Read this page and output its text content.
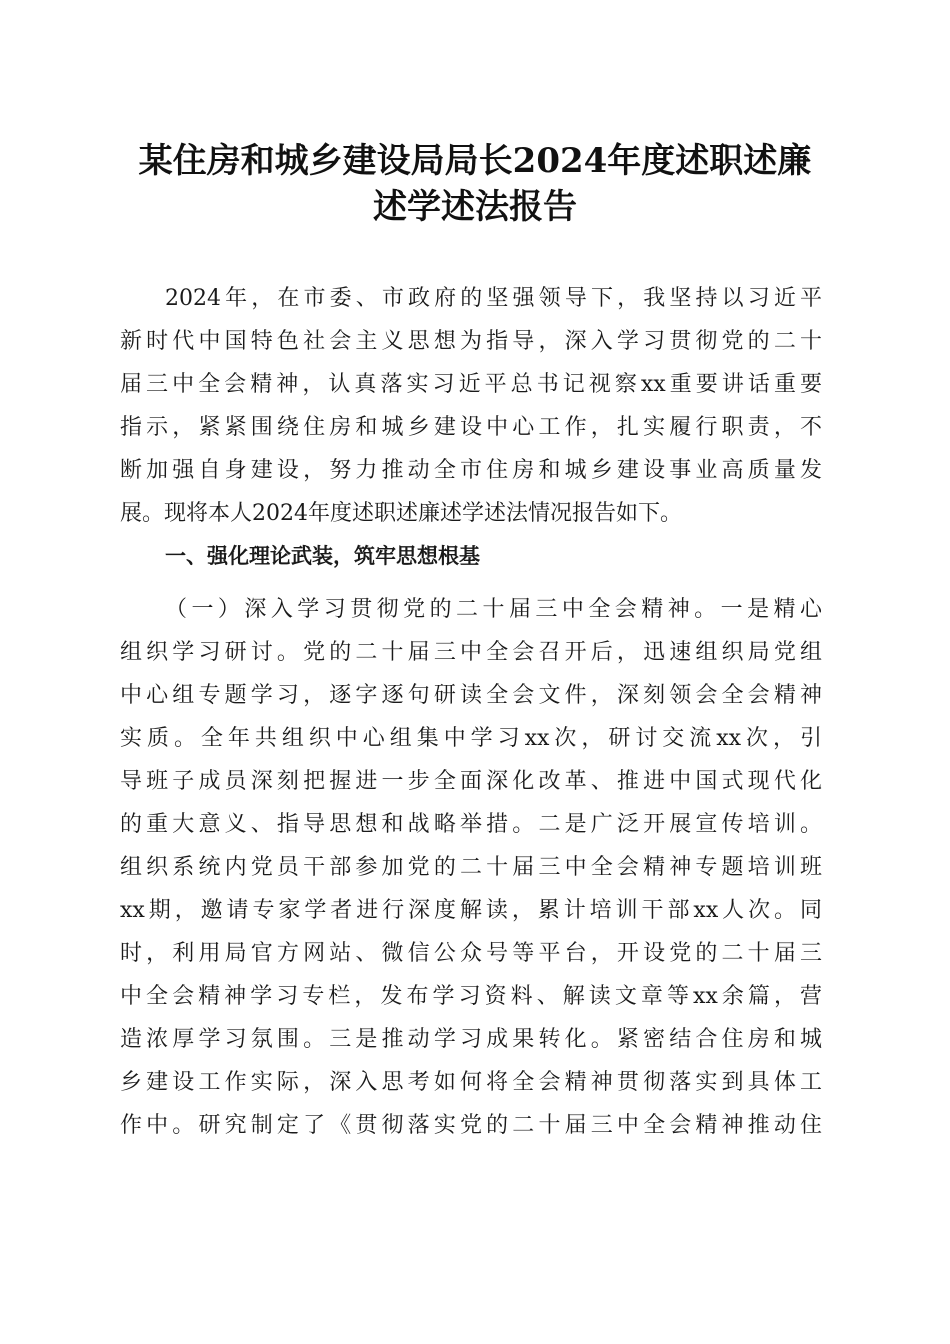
某住房和城乡建设局局长2024年度述职述廉
述学述法报告
2024年，在市委、市政府的坚强领导下，我坚持以习近平
新时代中国特色社会主义思想为指导，深入学习贯彻党的二十
届三中全会精神，认真落实习近平总书记视察xx重要讲话重要
指示，紧紧围绕住房和城乡建设中心工作，扎实履行职责，不
断加强自身建设，努力推动全市住房和城乡建设事业高质量发
展。现将本人2024年度述职述廉述学述法情况报告如下。
一、强化理论武装，筑牢思想根基
（一）深入学习贯彻党的二十届三中全会精神。一是精心
组织学习研讨。党的二十届三中全会召开后，迅速组织局党组
中心组专题学习，逐字逐句研读全会文件，深刻领会全会精神
实质。全年共组织中心组集中学习xx次，研讨交流xx次，引
导班子成员深刻把握进一步全面深化改革、推进中国式现代化
的重大意义、指导思想和战略举措。二是广泛开展宣传培训。
组织系统内党员干部参加党的二十届三中全会精神专题培训班
xx期，邀请专家学者进行深度解读，累计培训干部xx人次。同
时，利用局官方网站、微信公众号等平台，开设党的二十届三
中全会精神学习专栏，发布学习资料、解读文章等xx余篇，营
造浓厚学习氛围。三是推动学习成果转化。紧密结合住房和城
乡建设工作实际，深入思考如何将全会精神贯彻落实到具体工
作中。研究制定了《贯彻落实党的二十届三中全会精神推动住
